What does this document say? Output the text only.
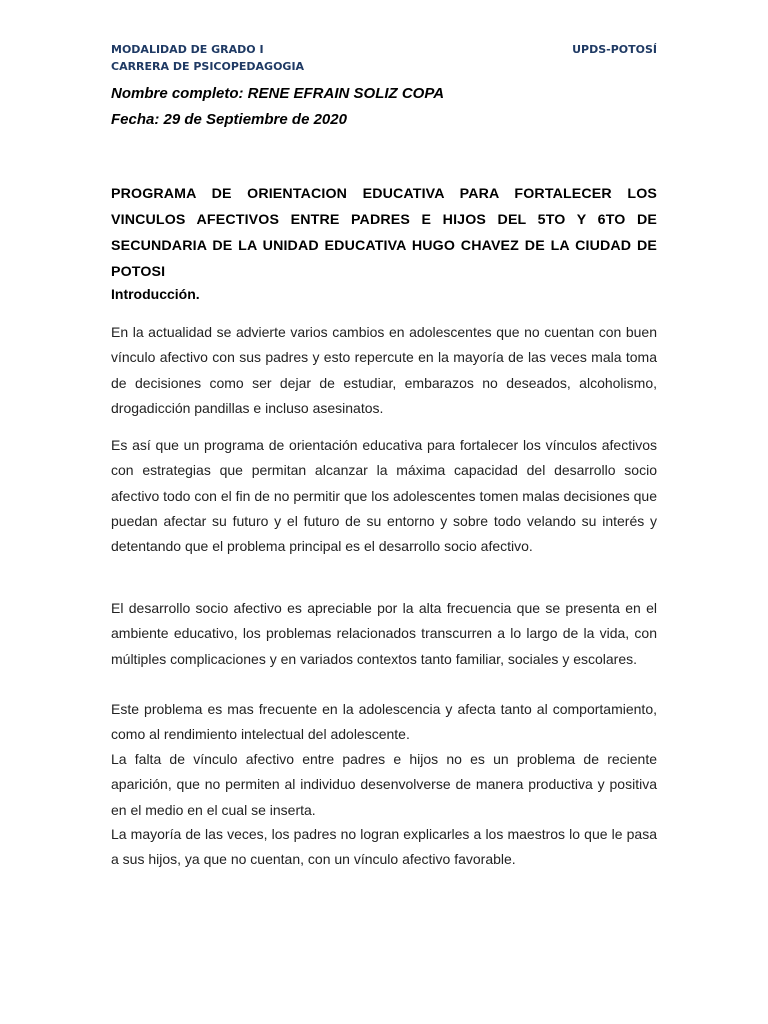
MODALIDAD DE GRADO I
CARRERA DE PSICOPEDAGOGIA
UPDS-POTOSÍ
Nombre completo: RENE EFRAIN SOLIZ COPA
Fecha: 29 de Septiembre de 2020
PROGRAMA DE ORIENTACION EDUCATIVA PARA FORTALECER LOS VINCULOS AFECTIVOS ENTRE PADRES E HIJOS DEL 5TO Y 6TO DE SECUNDARIA DE LA UNIDAD EDUCATIVA HUGO CHAVEZ DE LA CIUDAD DE POTOSI
Introducción.

En la actualidad se advierte varios cambios en adolescentes que no cuentan con buen vínculo afectivo con sus padres y esto repercute en la mayoría de las veces mala toma de decisiones como ser dejar de estudiar, embarazos no deseados, alcoholismo, drogadicción pandillas e incluso asesinatos.

Es así que un programa de orientación educativa para fortalecer los vínculos afectivos con estrategias que permitan alcanzar la máxima capacidad del desarrollo socio afectivo todo con el fin de no permitir que los adolescentes tomen malas decisiones que puedan afectar su futuro y el futuro de su entorno y sobre todo velando su interés y detentando que el problema principal es el desarrollo socio afectivo.

El desarrollo socio afectivo es apreciable por la alta frecuencia que se presenta en el ambiente educativo, los problemas relacionados transcurren a lo largo de la vida, con múltiples complicaciones y en variados contextos tanto familiar, sociales y escolares.

Este problema es mas frecuente en la adolescencia y afecta tanto al comportamiento, como al rendimiento intelectual del adolescente.

La falta de vínculo afectivo entre padres e hijos no es un problema de reciente aparición, que no permiten al individuo desenvolverse de manera productiva y positiva en el medio en el cual se inserta.

La mayoría de las veces, los padres no logran explicarles a los maestros lo que le pasa a sus hijos, ya que no cuentan, con un vínculo afectivo favorable.
